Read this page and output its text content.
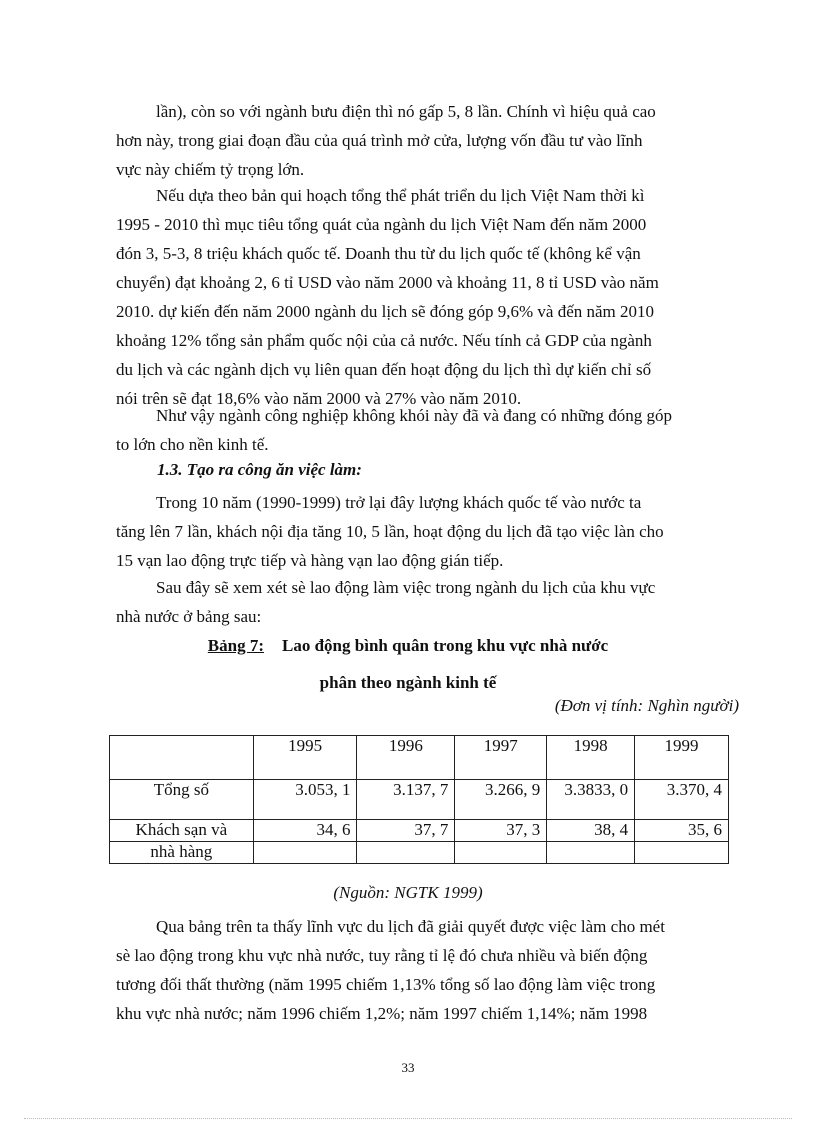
lần), còn so với ngành bưu điện thì nó gấp 5, 8 lần. Chính vì hiệu quả cao
hơn này, trong giai đoạn đầu của quá trình mở cửa, lượng vốn đầu tư vào lĩnh
vực này chiếm tỷ trọng lớn.

Nếu dựa theo bản qui hoạch tổng thể phát triển du lịch Việt Nam thời kì
1995 - 2010 thì mục tiêu tổng quát của ngành du lịch Việt Nam đến năm 2000
đón 3, 5-3, 8 triệu khách quốc tế. Doanh thu từ du lịch quốc tế (không kể vận
chuyển) đạt khoảng 2, 6 tỉ USD vào năm 2000 và khoảng 11, 8 tỉ USD vào năm
2010. dự kiến đến năm 2000 ngành du lịch sẽ đóng góp 9,6% và đến năm 2010
khoảng 12% tổng sản phẩm quốc nội của cả nước. Nếu tính cả GDP của ngành
du lịch và các ngành dịch vụ liên quan đến hoạt động du lịch thì dự kiến chỉ số
nói trên sẽ đạt 18,6% vào năm 2000 và 27% vào năm 2010.

Như vậy ngành công nghiệp không khói này đã và đang có những đóng góp
to lớn cho nền kinh tế.

1.3. Tạo ra công ăn việc làm:

Trong 10 năm (1990-1999) trở lại đây lượng khách quốc tế vào nước ta
tăng lên 7 lần, khách nội địa tăng 10, 5 lần, hoạt động du lịch đã tạo việc làn cho
15 vạn lao động trực tiếp và hàng vạn lao động gián tiếp.

Sau đây sẽ xem xét sè lao động làm việc trong ngành du lịch của khu vực
nhà nước ở bảng sau:

Bảng 7: Lao động bình quân trong khu vực nhà nước

phân theo ngành kinh tế

(Đơn vị tính: Nghìn người)

	1995	1996	1997	1998	1999
Tổng số	3.053, 1	3.137, 7	3.266, 9	3.3833, 0	3.370, 4
Khách sạn và	34, 6	37, 7	37, 3	38, 4	35, 6
nhà hàng					

(Nguồn: NGTK 1999)

Qua bảng trên ta thấy lĩnh vực du lịch đã giải quyết được việc làm cho mét
sè lao động trong khu vực nhà nước, tuy rằng tỉ lệ đó chưa nhiều và biến động
tương đối thất thường (năm 1995 chiếm 1,13% tổng số lao động làm việc trong
khu vực nhà nước; năm 1996 chiếm 1,2%; năm 1997 chiếm 1,14%; năm 1998

33
